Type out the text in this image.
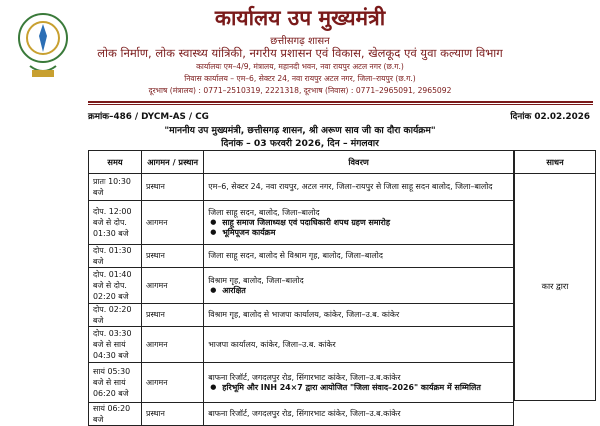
कार्यालय उप मुख्यमंत्री
छत्तीसगढ़ शासन
लोक निर्माण, लोक स्वास्थ्य यांत्रिकी, नगरीय प्रशासन एवं विकास, खेलकूद एवं युवा कल्याण विभाग
कार्यालयः एम–4/9, मंत्रालय, महानदी भवन, नवा रायपुर अटल नगर (छ.ग.)
निवास कार्यालय – एम–6, सेक्टर 24, नवा रायपुर अटल नगर, जिला–रायपुर (छ.ग.)
दूरभाष (मंत्रालय) : 0771–2510319, 2221318, दूरभाष (निवास) : 0771–2965091, 2965092
क्रमांक–486 / DYCM-AS / CG	दिनांक 02.02.2026
"माननीय उप मुख्यमंत्री, छत्तीसगढ़ शासन, श्री अरूण साव जी का दौरा कार्यक्रम"
दिनांक – 03 फरवरी 2026, दिन – मंगलवार
समय	आगमन / प्रस्थान	विवरण
प्रातः 10:30 बजे	प्रस्थान	एम–6, सेक्टर 24, नवा रायपुर, अटल नगर, जिला–रायपुर से जिला साहू सदन बालोद, जिला–बालोद
दोप. 12:00 बजे से दोप. 01:30 बजे	आगमन	जिला साहू सदन, बालोद, जिला–बालोद
● साहू समाज जिलाध्यक्ष एवं पदाधिकारी शपथ ग्रहण समारोह
● भूमिपूजन कार्यक्रम

दोप. 01:30 बजे	प्रस्थान	जिला साहू सदन, बालोद से विश्राम गृह, बालोद, जिला–बालोद
दोप. 01:40 बजे से दोप. 02:20 बजे	आगमन	विश्राम गृह, बालोद, जिला–बालोद
● आरक्षित

दोप. 02:20 बजे	प्रस्थान	विश्राम गृह, बालोद से भाजपा कार्यालय, कांकेर, जिला–उ.ब. कांकेर
दोप. 03:30 बजे से सायं 04:30 बजे	आगमन	भाजपा कार्यालय, कांकेर, जिला–उ.ब. कांकेर
सायं 05:30 बजे से सायं 06:20 बजे	आगमन	बाफना रिजॉर्ट, जगदलपुर रोड, सिंगारभाट कांकेर, जिला–उ.ब.कांकेर
● हरिभूमि और INH 24×7 द्वारा आयोजित "जिला संवाद–2026" कार्यक्रम में सम्मिलित

सायं 06:20 बजे	प्रस्थान	बाफना रिजॉर्ट, जगदलपुर रोड, सिंगारभाट कांकेर, जिला–उ.ब.कांकेर
साधन
कार द्वारा
